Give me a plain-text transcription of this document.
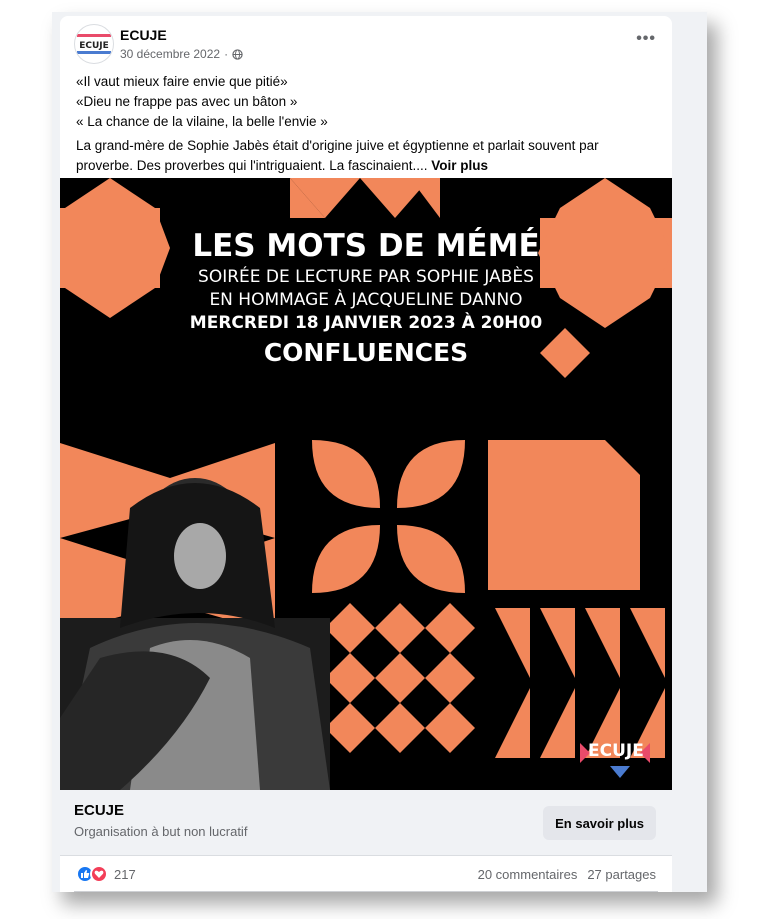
ECUJE
ECUJE
30 décembre 2022 ·
•••
«Il vaut mieux faire envie que pitié»
«Dieu ne frappe pas avec un bâton »
« La chance de la vilaine, la belle l'envie »
La grand-mère de Sophie Jabès était d'origine juive et égyptienne et parlait souvent par proverbe. Des proverbes qui l'intriguaient. La fascinaient.... Voir plus
LES MOTS DE MÉMÉ
SOIRÉE DE LECTURE PAR SOPHIE JABÈS
EN HOMMAGE À JACQUELINE DANNO
MERCREDI 18 JANVIER 2023 À 20H00
CONFLUENCES
ECUJE
ECUJE
Organisation à but non lucratif
En savoir plus
217	20 commentaires 27 partages
